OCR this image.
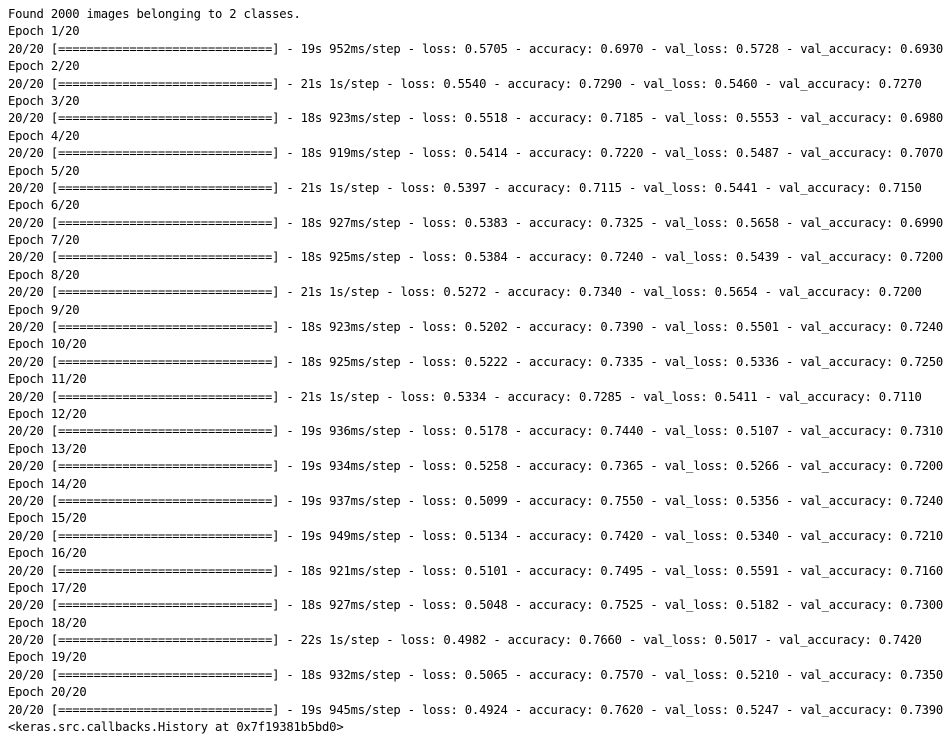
Found 2000 images belonging to 2 classes.
Epoch 1/20
20/20 [==============================] - 19s 952ms/step - loss: 0.5705 - accuracy: 0.6970 - val_loss: 0.5728 - val_accuracy: 0.6930
Epoch 2/20
20/20 [==============================] - 21s 1s/step - loss: 0.5540 - accuracy: 0.7290 - val_loss: 0.5460 - val_accuracy: 0.7270
Epoch 3/20
20/20 [==============================] - 18s 923ms/step - loss: 0.5518 - accuracy: 0.7185 - val_loss: 0.5553 - val_accuracy: 0.6980
Epoch 4/20
20/20 [==============================] - 18s 919ms/step - loss: 0.5414 - accuracy: 0.7220 - val_loss: 0.5487 - val_accuracy: 0.7070
Epoch 5/20
20/20 [==============================] - 21s 1s/step - loss: 0.5397 - accuracy: 0.7115 - val_loss: 0.5441 - val_accuracy: 0.7150
Epoch 6/20
20/20 [==============================] - 18s 927ms/step - loss: 0.5383 - accuracy: 0.7325 - val_loss: 0.5658 - val_accuracy: 0.6990
Epoch 7/20
20/20 [==============================] - 18s 925ms/step - loss: 0.5384 - accuracy: 0.7240 - val_loss: 0.5439 - val_accuracy: 0.7200
Epoch 8/20
20/20 [==============================] - 21s 1s/step - loss: 0.5272 - accuracy: 0.7340 - val_loss: 0.5654 - val_accuracy: 0.7200
Epoch 9/20
20/20 [==============================] - 18s 923ms/step - loss: 0.5202 - accuracy: 0.7390 - val_loss: 0.5501 - val_accuracy: 0.7240
Epoch 10/20
20/20 [==============================] - 18s 925ms/step - loss: 0.5222 - accuracy: 0.7335 - val_loss: 0.5336 - val_accuracy: 0.7250
Epoch 11/20
20/20 [==============================] - 21s 1s/step - loss: 0.5334 - accuracy: 0.7285 - val_loss: 0.5411 - val_accuracy: 0.7110
Epoch 12/20
20/20 [==============================] - 19s 936ms/step - loss: 0.5178 - accuracy: 0.7440 - val_loss: 0.5107 - val_accuracy: 0.7310
Epoch 13/20
20/20 [==============================] - 19s 934ms/step - loss: 0.5258 - accuracy: 0.7365 - val_loss: 0.5266 - val_accuracy: 0.7200
Epoch 14/20
20/20 [==============================] - 19s 937ms/step - loss: 0.5099 - accuracy: 0.7550 - val_loss: 0.5356 - val_accuracy: 0.7240
Epoch 15/20
20/20 [==============================] - 19s 949ms/step - loss: 0.5134 - accuracy: 0.7420 - val_loss: 0.5340 - val_accuracy: 0.7210
Epoch 16/20
20/20 [==============================] - 18s 921ms/step - loss: 0.5101 - accuracy: 0.7495 - val_loss: 0.5591 - val_accuracy: 0.7160
Epoch 17/20
20/20 [==============================] - 18s 927ms/step - loss: 0.5048 - accuracy: 0.7525 - val_loss: 0.5182 - val_accuracy: 0.7300
Epoch 18/20
20/20 [==============================] - 22s 1s/step - loss: 0.4982 - accuracy: 0.7660 - val_loss: 0.5017 - val_accuracy: 0.7420
Epoch 19/20
20/20 [==============================] - 18s 932ms/step - loss: 0.5065 - accuracy: 0.7570 - val_loss: 0.5210 - val_accuracy: 0.7350
Epoch 20/20
20/20 [==============================] - 19s 945ms/step - loss: 0.4924 - accuracy: 0.7620 - val_loss: 0.5247 - val_accuracy: 0.7390
<keras.src.callbacks.History at 0x7f19381b5bd0>
